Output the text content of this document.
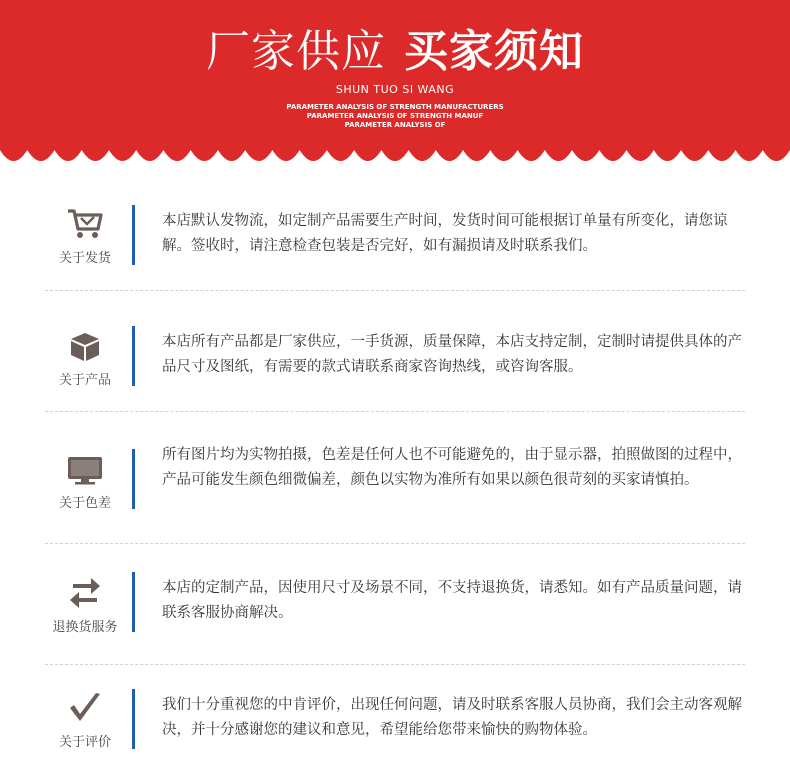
厂家供应 买家须知
SHUN TUO SI WANG
PARAMETER ANALYSIS OF STRENGTH MANUFACTURERS
PARAMETER ANALYSIS OF STRENGTH MANUF
PARAMETER ANALYSIS OF
关于发货
本店默认发物流，如定制产品需要生产时间，发货时间可能根据订单量有所变化，请您谅解。签收时，请注意检查包装是否完好，如有漏损请及时联系我们。
关于产品
本店所有产品都是厂家供应，一手货源，质量保障，本店支持定制，定制时请提供具体的产品尺寸及图纸，有需要的款式请联系商家咨询热线，或咨询客服。
关于色差
所有图片均为实物拍摄，色差是任何人也不可能避免的，由于显示器，拍照做图的过程中，产品可能发生颜色细微偏差，颜色以实物为准所有如果以颜色很苛刻的买家请慎拍。
退换货服务
本店的定制产品，因使用尺寸及场景不同，不支持退换货，请悉知。如有产品质量问题，请联系客服协商解决。
关于评价
我们十分重视您的中肯评价，出现任何问题，请及时联系客服人员协商，我们会主动客观解决，并十分感谢您的建议和意见，希望能给您带来愉快的购物体验。
